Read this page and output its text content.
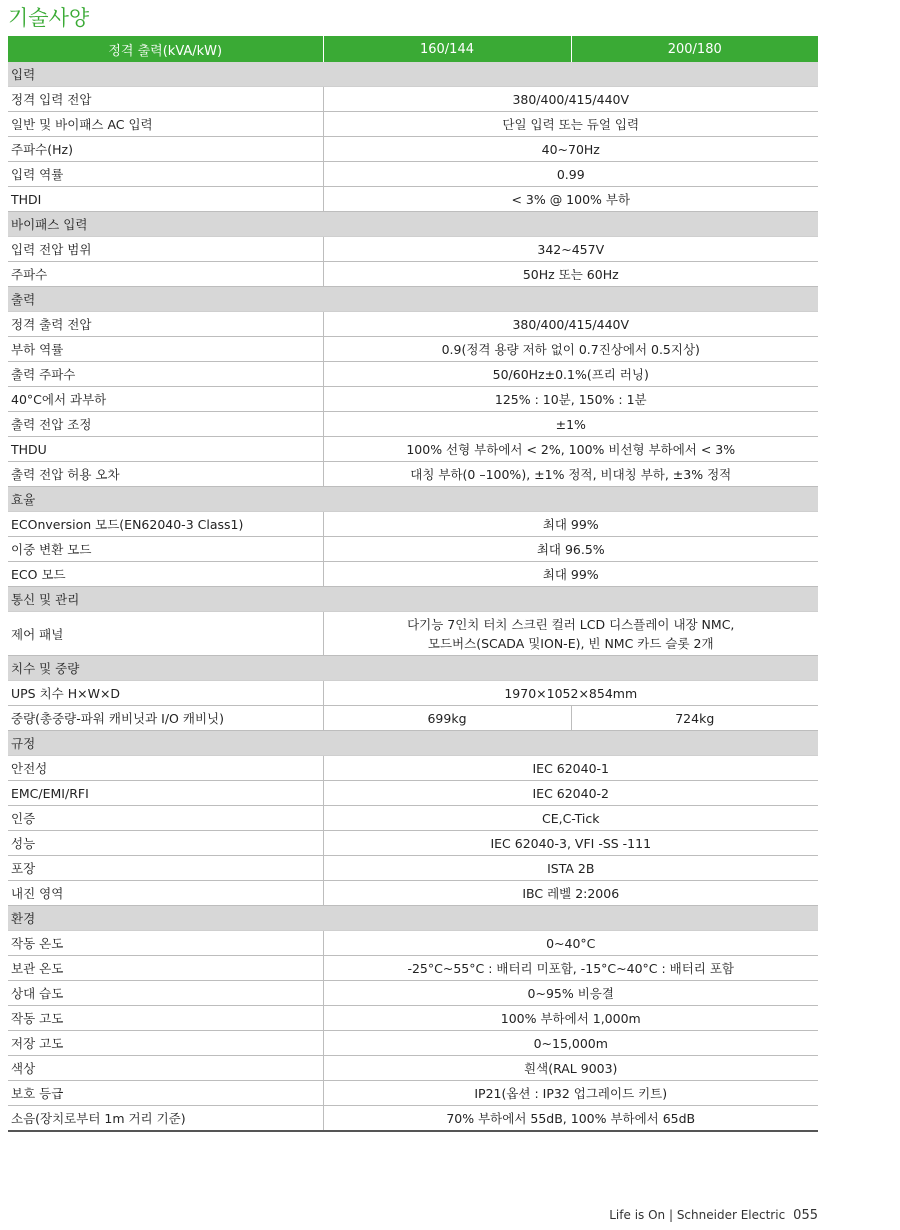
기술사양
정격 출력(kVA/kW)	160/144	200/180
입력		
정격 입력 전압	380/400/415/440V	
일반 및 바이패스 AC 입력	단일 입력 또는 듀얼 입력	
주파수(Hz)	40~70Hz	
입력 역률	0.99	
THDI	< 3% @ 100% 부하	
바이패스 입력		
입력 전압 범위	342~457V	
주파수	50Hz 또는 60Hz	
출력		
정격 출력 전압	380/400/415/440V	
부하 역률	0.9(정격 용량 저하 없이 0.7진상에서 0.5지상)	
출력 주파수	50/60Hz±0.1%(프리 러닝)	
40°C에서 과부하	125% : 10분, 150% : 1분	
출력 전압 조정	±1%	
THDU	100% 선형 부하에서 < 2%, 100% 비선형 부하에서 < 3%	
출력 전압 허용 오차	대칭 부하(0 –100%), ±1% 정적, 비대칭 부하, ±3% 정적	
효율		
ECOnversion 모드(EN62040-3 Class1)	최대 99%	
이중 변환 모드	최대 96.5%	
ECO 모드	최대 99%	
통신 및 관리		
제어 패널	다기능 7인치 터치 스크린 컬러 LCD 디스플레이 내장 NMC,
모드버스(SCADA 및ION-E), 빈 NMC 카드 슬롯 2개	

치수 및 중량		
UPS 치수 H×W×D	1970×1052×854mm	
중량(총중량-파워 캐비닛과 I/O 캐비닛)	699kg	724kg
규정		
안전성	IEC 62040-1	
EMC/EMI/RFI	IEC 62040-2	
인증	CE,C-Tick	
성능	IEC 62040-3, VFI -SS -111	
포장	ISTA 2B	
내진 영역	IBC 레벨 2:2006	
환경		
작동 온도	0~40°C	
보관 온도	-25°C~55°C : 배터리 미포함, -15°C~40°C : 배터리 포함	
상대 습도	0~95% 비응결	
작동 고도	100% 부하에서 1,000m	
저장 고도	0~15,000m	
색상	흰색(RAL 9003)	
보호 등급	IP21(옵션 : IP32 업그레이드 키트)	
소음(장치로부터 1m 거리 기준)	70% 부하에서 55dB, 100% 부하에서 65dB	
Life is On | Schneider Electric 055
